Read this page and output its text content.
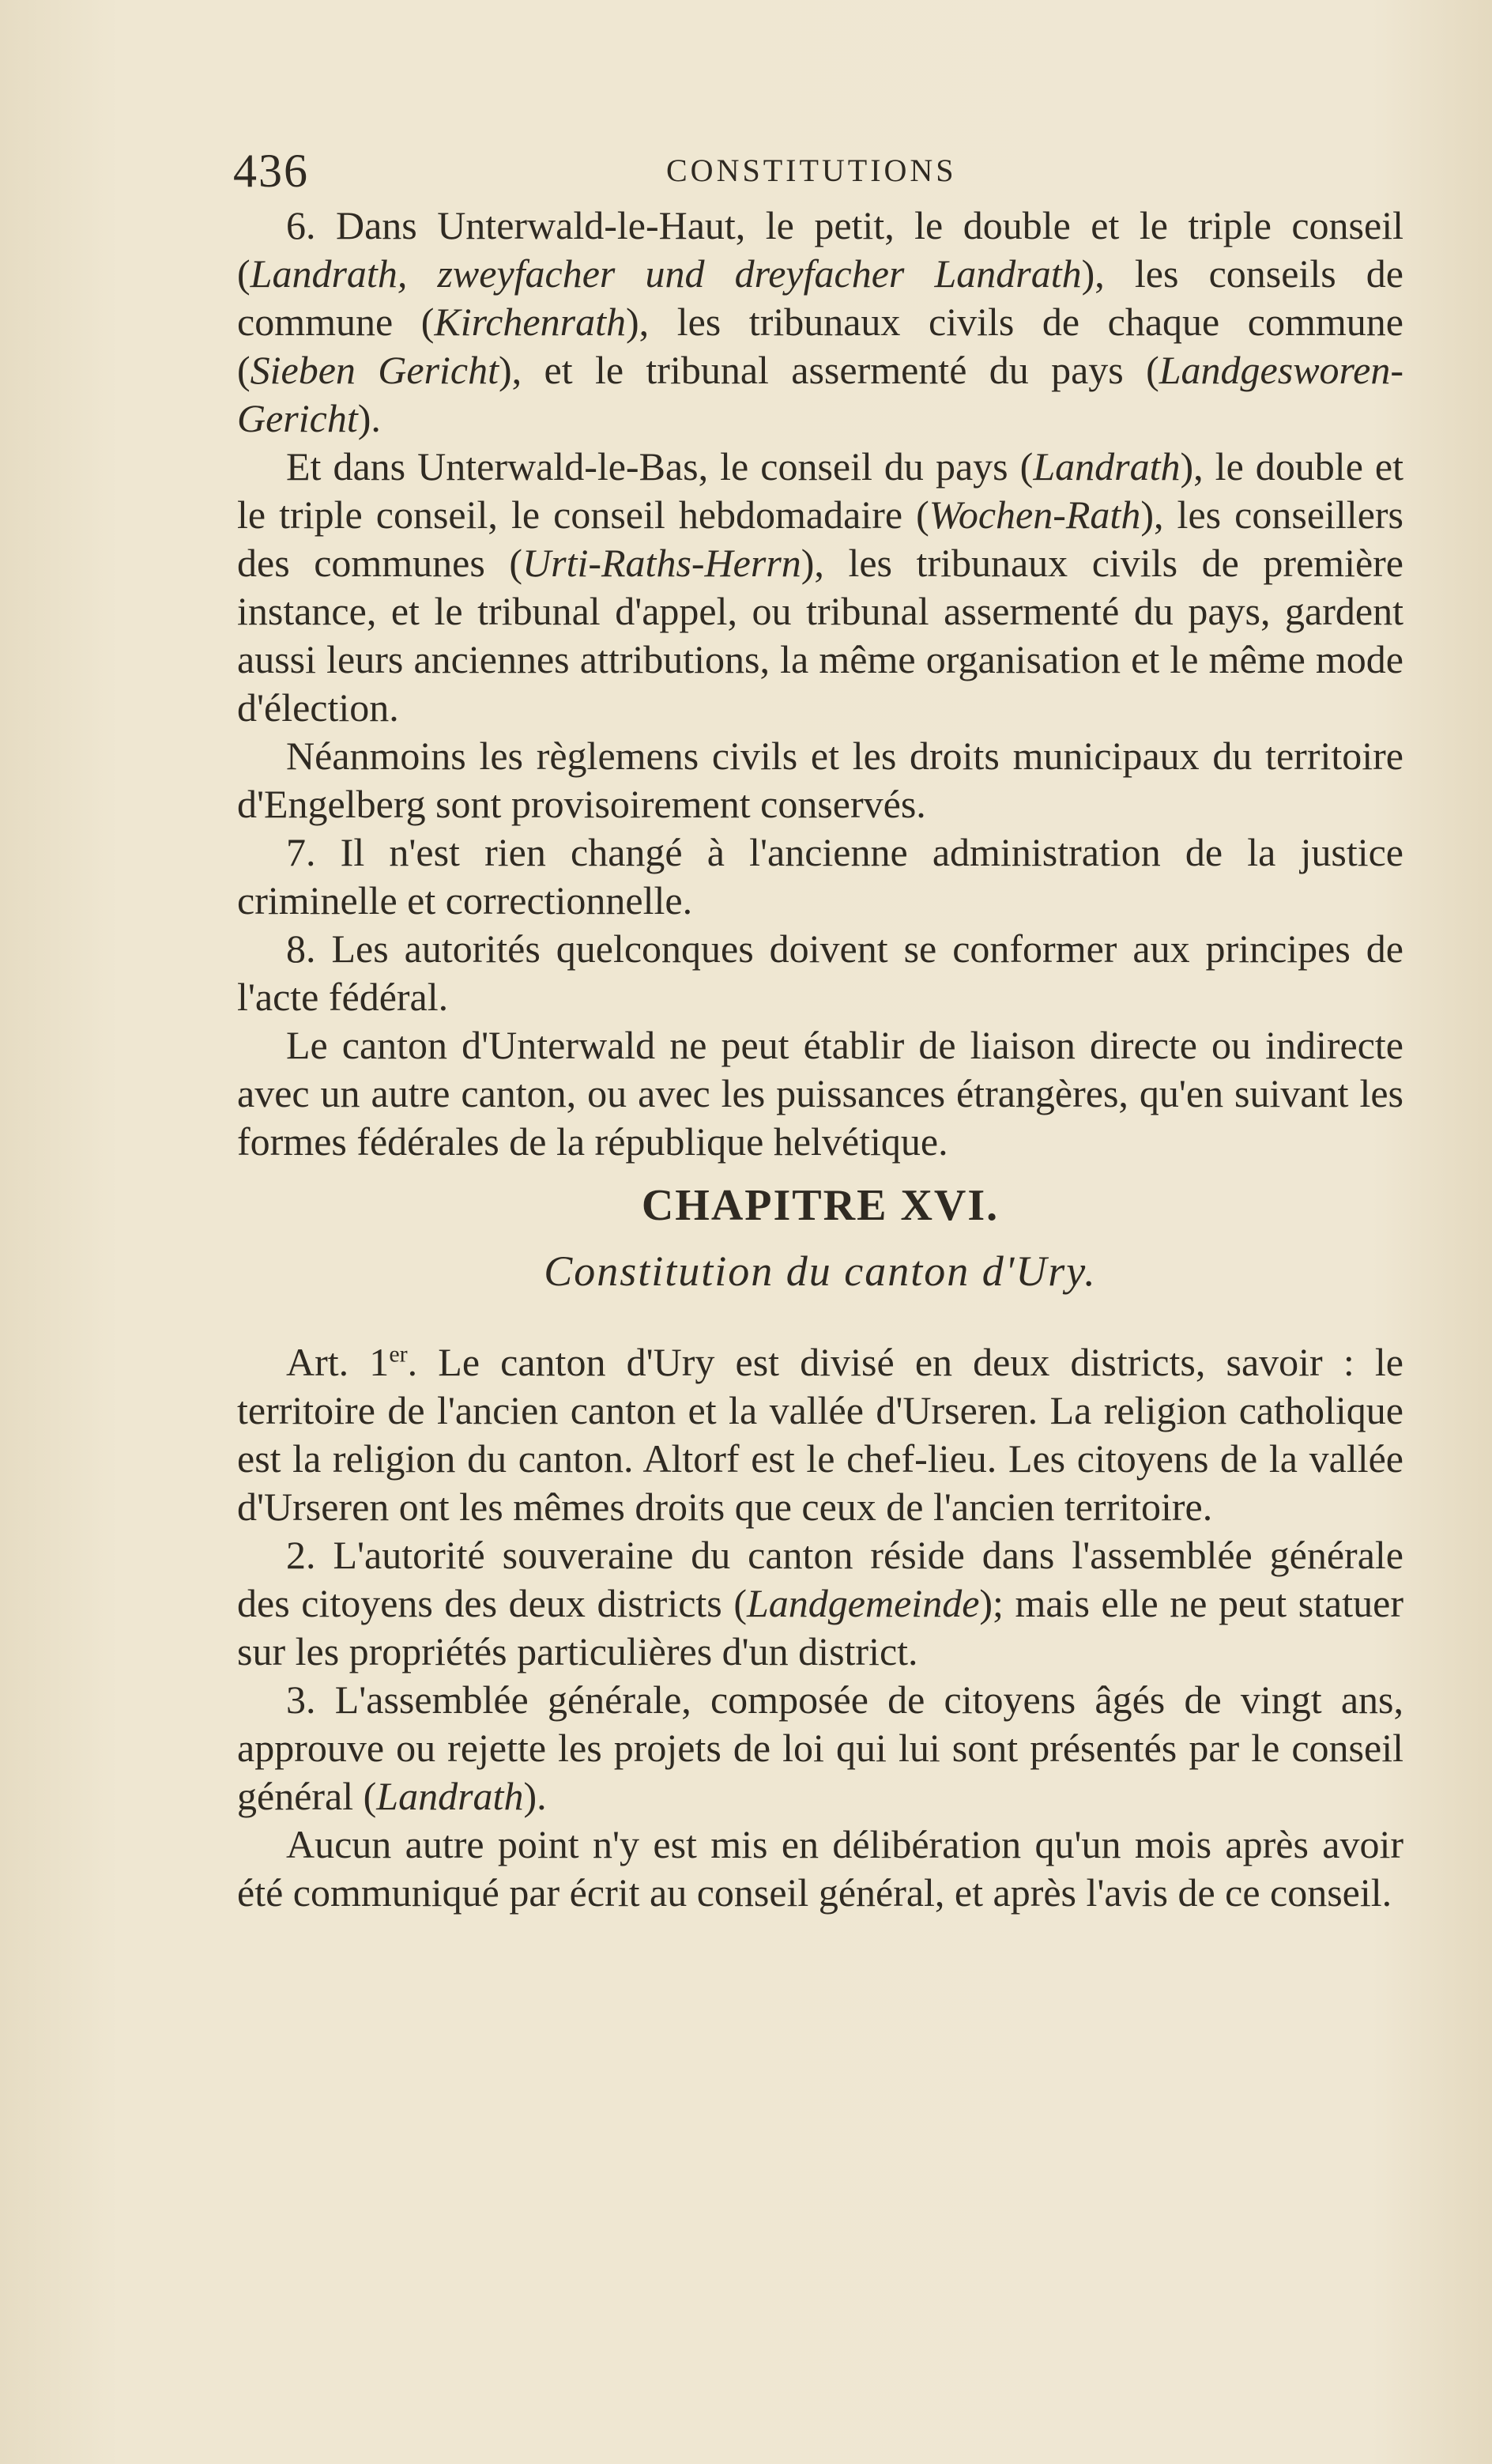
436	CONSTITUTIONS

6. Dans Unterwald-le-Haut, le petit, le double et le triple conseil (Landrath, zweyfacher und dreyfacher Landrath), les conseils de commune (Kirchenrath), les tribunaux civils de chaque commune (Sieben Gericht), et le tribunal assermenté du pays (Landgesworen-Gericht).

Et dans Unterwald-le-Bas, le conseil du pays (Landrath), le double et le triple conseil, le conseil hebdomadaire (Wochen-Rath), les conseillers des communes (Urti-Raths-Herrn), les tribunaux civils de première instance, et le tribunal d'appel, ou tribunal assermenté du pays, gardent aussi leurs anciennes attributions, la même organisation et le même mode d'élection.

Néanmoins les règlemens civils et les droits municipaux du territoire d'Engelberg sont provisoirement conservés.

7. Il n'est rien changé à l'ancienne administration de la justice criminelle et correctionnelle.

8. Les autorités quelconques doivent se conformer aux principes de l'acte fédéral.

Le canton d'Unterwald ne peut établir de liaison directe ou indirecte avec un autre canton, ou avec les puissances étrangères, qu'en suivant les formes fédérales de la république helvétique.

CHAPITRE XVI.
Constitution du canton d'Ury.

Art. 1er. Le canton d'Ury est divisé en deux districts, savoir : le territoire de l'ancien canton et la vallée d'Urseren. La religion catholique est la religion du canton. Altorf est le chef-lieu. Les citoyens de la vallée d'Urseren ont les mêmes droits que ceux de l'ancien territoire.

2. L'autorité souveraine du canton réside dans l'assemblée générale des citoyens des deux districts (Landgemeinde); mais elle ne peut statuer sur les propriétés particulières d'un district.

3. L'assemblée générale, composée de citoyens âgés de vingt ans, approuve ou rejette les projets de loi qui lui sont présentés par le conseil général (Landrath).

Aucun autre point n'y est mis en délibération qu'un mois après avoir été communiqué par écrit au conseil général, et après l'avis de ce conseil.
